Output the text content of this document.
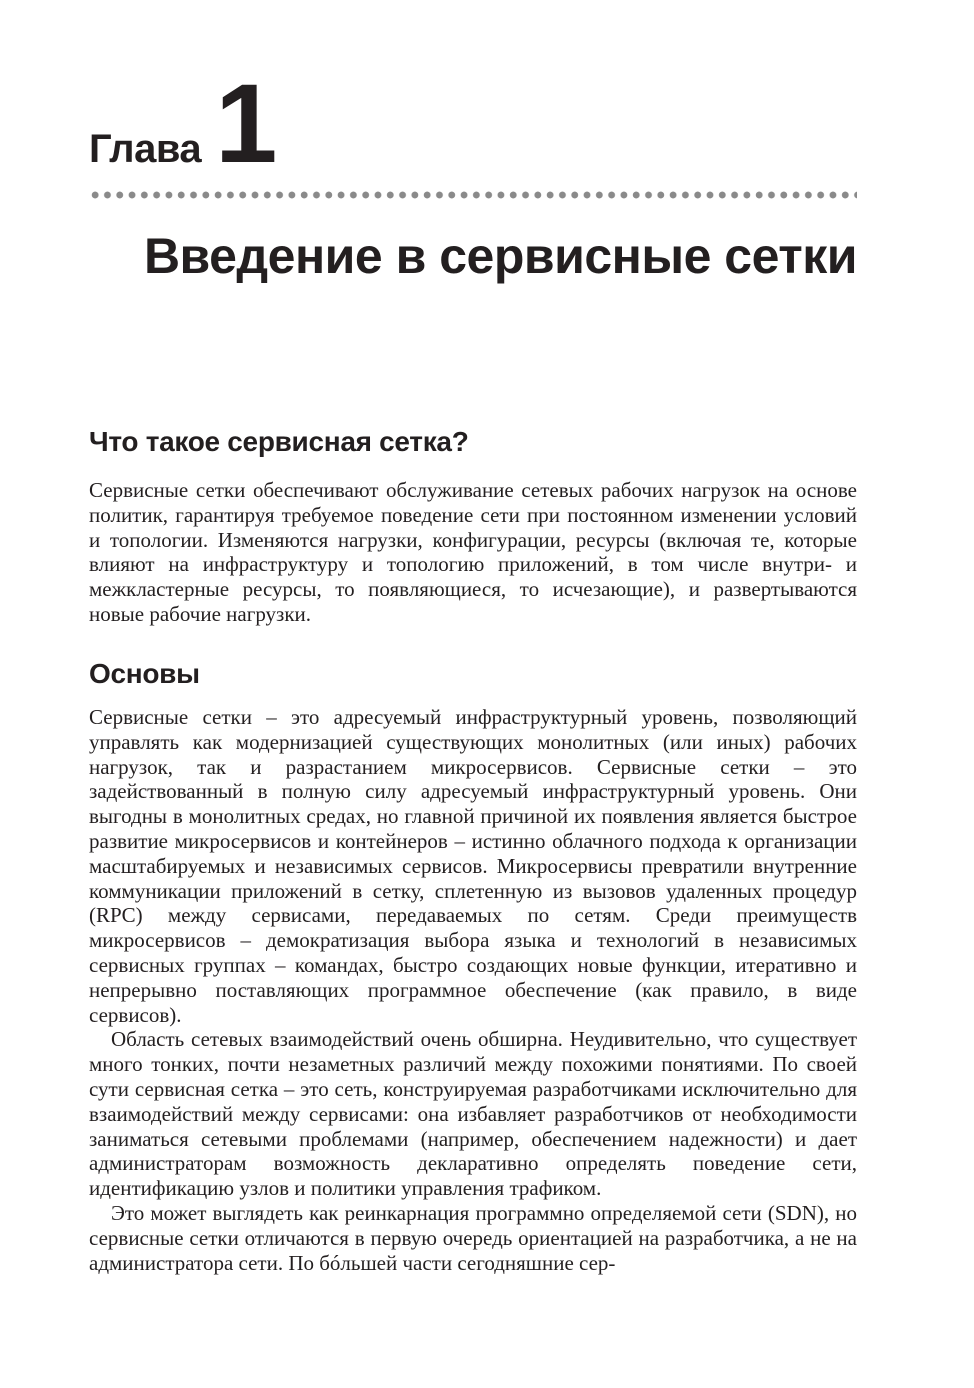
Глава 1
Введение в сервисные сетки
Что такое сервисная сетка?

Сервисные сетки обеспечивают обслуживание сетевых рабочих нагрузок на основе политик, гарантируя требуемое поведение сети при постоянном изменении условий и топологии. Изменяются нагрузки, конфигурации, ресурсы (включая те, которые влияют на инфраструктуру и топологию приложений, в том числе внутри- и межкластерные ресурсы, то появляющиеся, то исчезающие), и развертываются новые рабочие нагрузки.

Основы

Сервисные сетки – это адресуемый инфраструктурный уровень, позволяющий управлять как модернизацией существующих монолитных (или иных) рабочих нагрузок, так и разрастанием микросервисов. Сервисные сетки – это задействованный в полную силу адресуемый инфраструктурный уровень. Они выгодны в монолитных средах, но главной причиной их появления является быстрое развитие микросервисов и контейнеров – истинно облачного подхода к организации масштабируемых и независимых сервисов. Микросервисы превратили внутренние коммуникации приложений в сетку, сплетенную из вызовов удаленных процедур (RPC) между сервисами, передаваемых по сетям. Среди преимуществ микросервисов – демократизация выбора языка и технологий в независимых сервисных группах – командах, быстро создающих новые функции, итеративно и непрерывно поставляющих программное обеспечение (как правило, в виде сервисов).

Область сетевых взаимодействий очень обширна. Неудивительно, что существует много тонких, почти незаметных различий между похожими понятиями. По своей сути сервисная сетка – это сеть, конструируемая разработчиками исключительно для взаимодействий между сервисами: она избавляет разработчиков от необходимости заниматься сетевыми проблемами (например, обеспечением надежности) и дает администраторам возможность декларативно определять поведение сети, идентификацию узлов и политики управления трафиком.

Это может выглядеть как реинкарнация программно определяемой сети (SDN), но сервисные сетки отличаются в первую очередь ориентацией на разработчика, а не на администратора сети. По бóльшей части сегодняшние сер-
